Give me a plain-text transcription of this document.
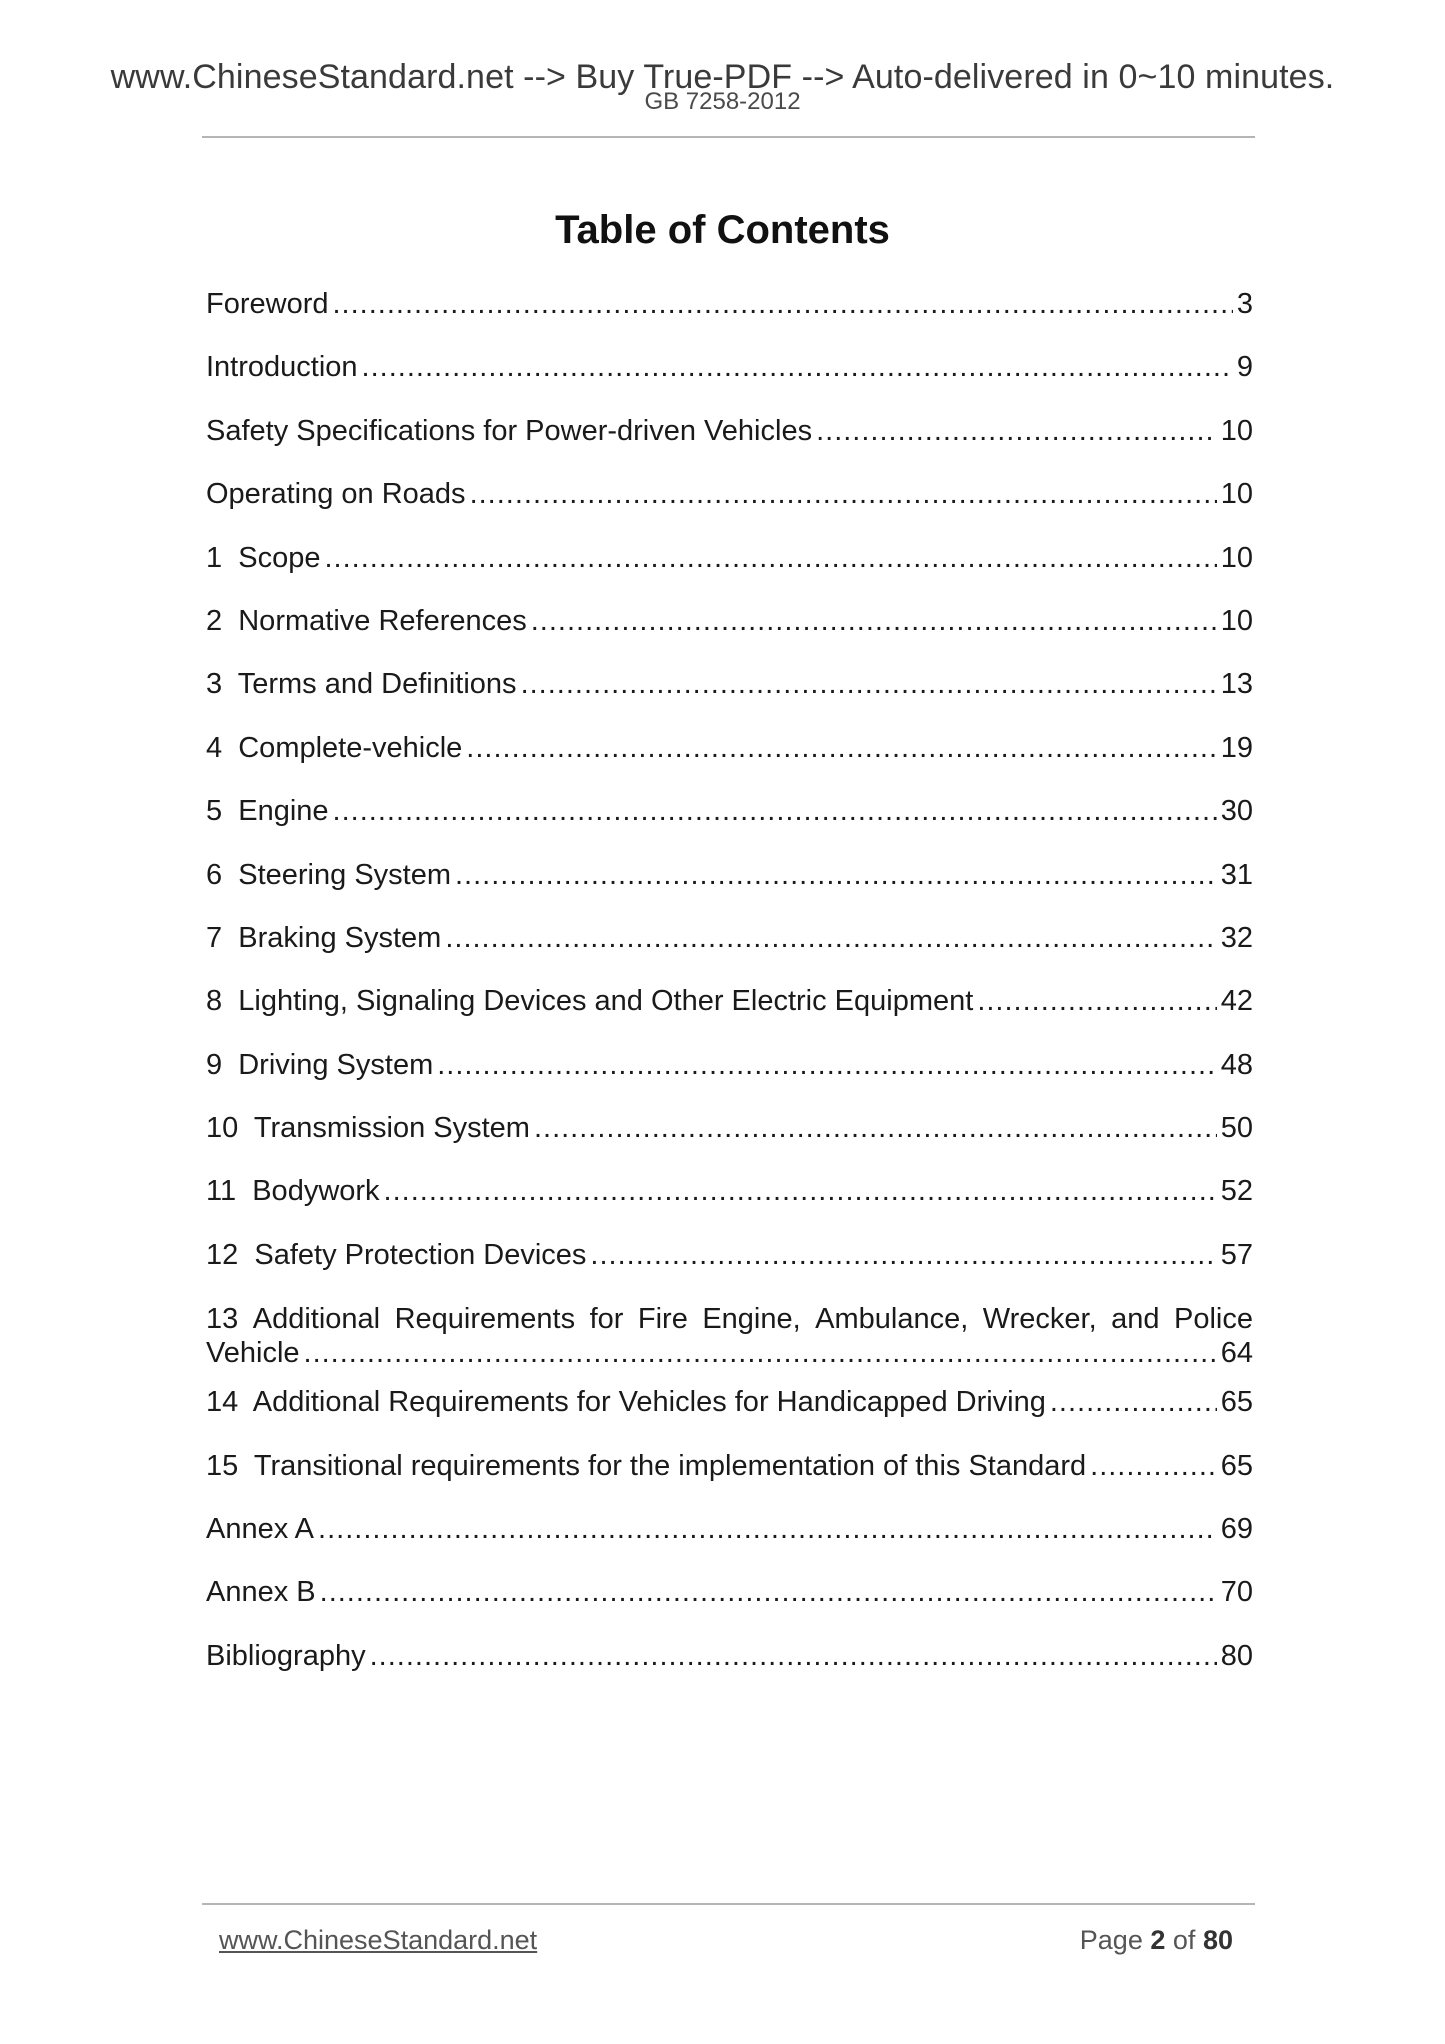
www.ChineseStandard.net --> Buy True-PDF --> Auto-delivered in 0~10 minutes.
GB 7258-2012
Table of Contents
Foreword .....	3
Introduction .....	9
Safety Specifications for Power-driven Vehicles .....	10
Operating on Roads .....	10
1  Scope .....	10
2  Normative References .....	10
3  Terms and Definitions .....	13
4  Complete-vehicle .....	19
5  Engine .....	30
6  Steering System .....	31
7  Braking System .....	32
8  Lighting, Signaling Devices and Other Electric Equipment .....	42
9  Driving System .....	48
10  Transmission System .....	50
11  Bodywork .....	52
12  Safety Protection Devices .....	57
13 Additional Requirements for Fire Engine, Ambulance, Wrecker, and Police
Vehicle .....	64
14  Additional Requirements for Vehicles for Handicapped Driving .....	65
15  Transitional requirements for the implementation of this Standard .....	65
Annex A .....	69
Annex B .....	70
Bibliography .....	80
www.ChineseStandard.net	Page 2 of 80
